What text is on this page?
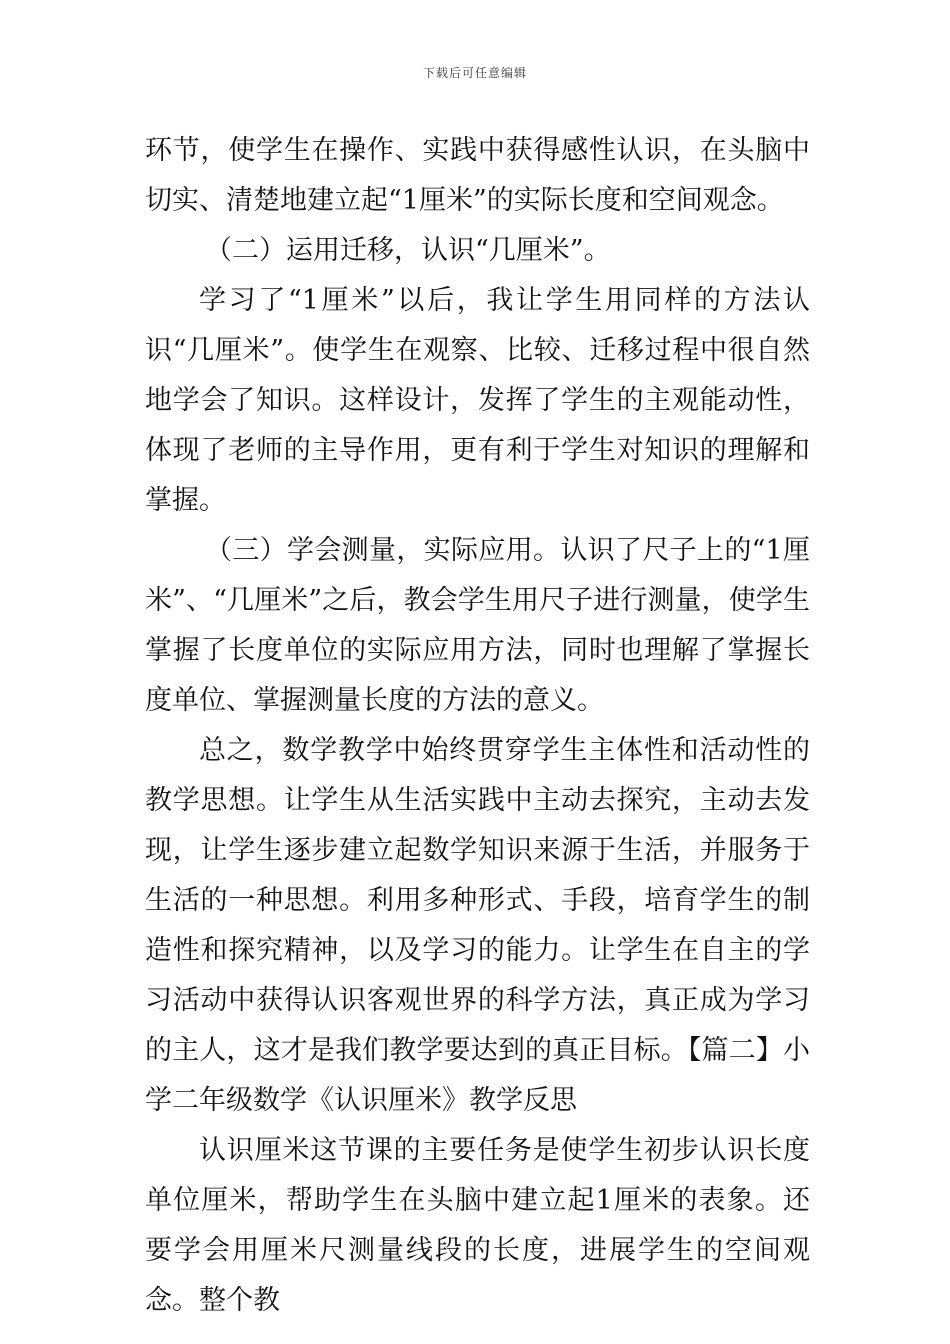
下载后可任意编辑

环节，使学生在操作、实践中获得感性认识，在头脑中切实、清楚地建立起“1厘米”的实际长度和空间观念。

（二）运用迁移，认识“几厘米”。

学习了“1厘米”以后，我让学生用同样的方法认识“几厘米”。使学生在观察、比较、迁移过程中很自然地学会了知识。这样设计，发挥了学生的主观能动性，体现了老师的主导作用，更有利于学生对知识的理解和掌握。

（三）学会测量，实际应用。认识了尺子上的“1厘米”、“几厘米”之后，教会学生用尺子进行测量，使学生掌握了长度单位的实际应用方法，同时也理解了掌握长度单位、掌握测量长度的方法的意义。

总之，数学教学中始终贯穿学生主体性和活动性的教学思想。让学生从生活实践中主动去探究，主动去发现，让学生逐步建立起数学知识来源于生活，并服务于生活的一种思想。利用多种形式、手段，培育学生的制造性和探究精神，以及学习的能力。让学生在自主的学习活动中获得认识客观世界的科学方法，真正成为学习的主人，这才是我们教学要达到的真正目标。【篇二】小学二年级数学《认识厘米》教学反思

认识厘米这节课的主要任务是使学生初步认识长度单位厘米，帮助学生在头脑中建立起1厘米的表象。还要学会用厘米尺测量线段的长度，进展学生的空间观念。整个教
